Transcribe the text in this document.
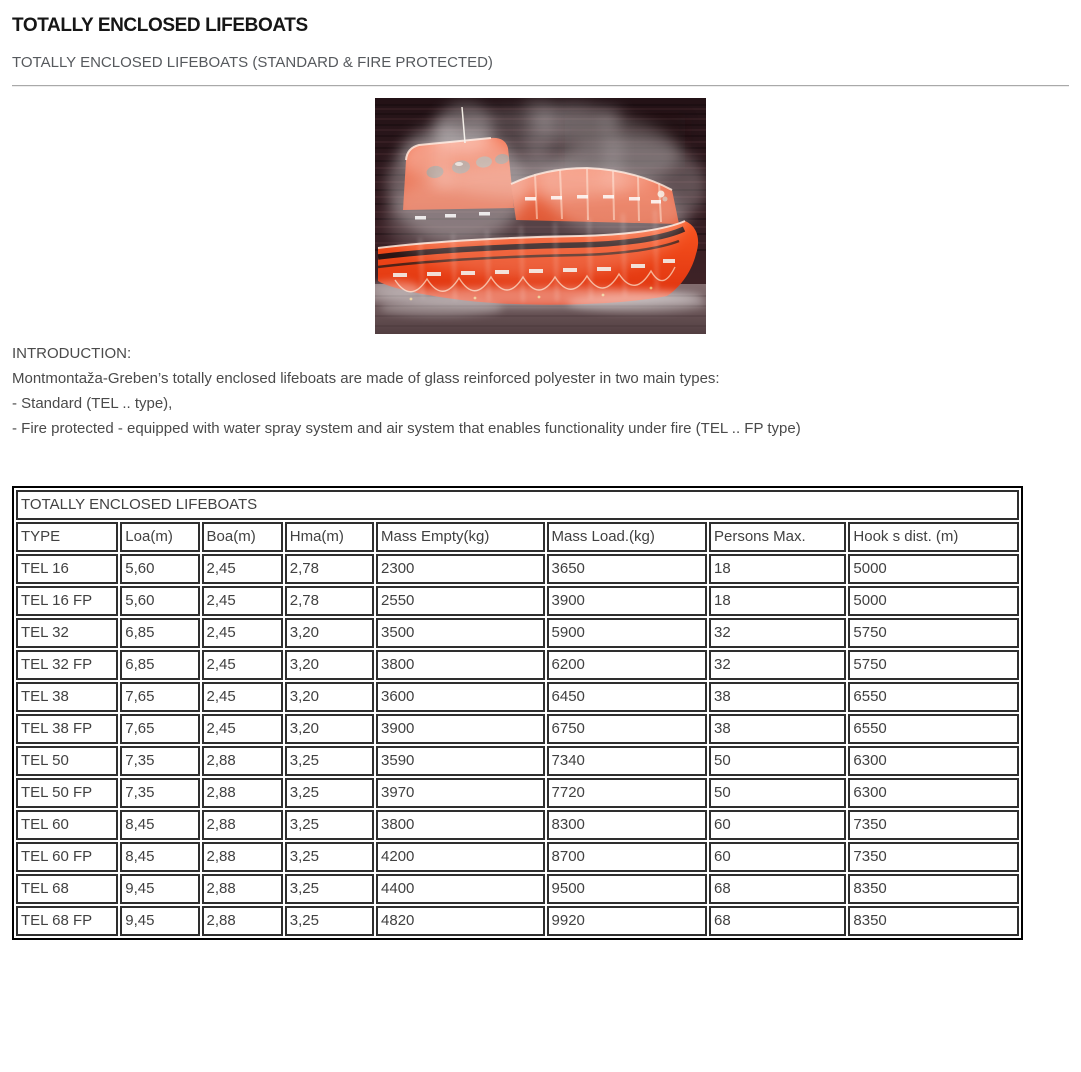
TOTALLY ENCLOSED LIFEBOATS
TOTALLY ENCLOSED LIFEBOATS (STANDARD & FIRE PROTECTED)
INTRODUCTION:
Montmontaža-Greben’s totally enclosed lifeboats are made of glass reinforced polyester in two main types:
- Standard (TEL .. type),
- Fire protected - equipped with water spray system and air system that enables functionality under fire (TEL .. FP type)
TOTALLY ENCLOSED LIFEBOATS							
TYPE	Loa(m)	Boa(m)	Hma(m)	Mass Empty(kg)	Mass Load.(kg)	Persons Max.	Hook s dist. (m)
TEL 16	5,60	2,45	2,78	2300	3650	18	5000
TEL 16 FP	5,60	2,45	2,78	2550	3900	18	5000
TEL 32	6,85	2,45	3,20	3500	5900	32	5750
TEL 32 FP	6,85	2,45	3,20	3800	6200	32	5750
TEL 38	7,65	2,45	3,20	3600	6450	38	6550
TEL 38 FP	7,65	2,45	3,20	3900	6750	38	6550
TEL 50	7,35	2,88	3,25	3590	7340	50	6300
TEL 50 FP	7,35	2,88	3,25	3970	7720	50	6300
TEL 60	8,45	2,88	3,25	3800	8300	60	7350
TEL 60 FP	8,45	2,88	3,25	4200	8700	60	7350
TEL 68	9,45	2,88	3,25	4400	9500	68	8350
TEL 68 FP	9,45	2,88	3,25	4820	9920	68	8350
